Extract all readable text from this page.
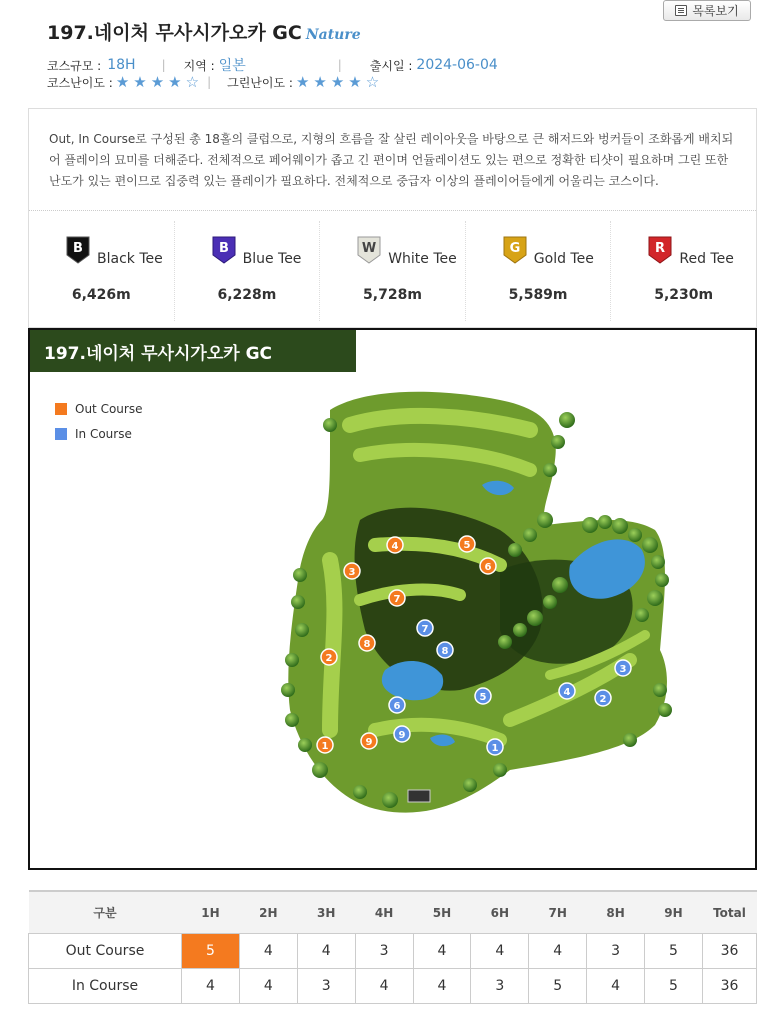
목록보기
197.네이처 무사시가오카 GC Nature
코스규모 : 18H | 지역 : 일본	| 출시일 : 2024-06-04
코스난이도 : ★★★★☆ | 그린난이도 : ★★★★☆

Out, In Course로 구성된 총 18홀의 클럽으로, 지형의 흐름을 잘 살린 레이아웃을 바탕으로 큰 해저드와 벙커들이 조화롭게 배치되어 플레이의 묘미를 더해준다. 전체적으로 페어웨이가 좁고 긴 편이며 언듈레이션도 있는 편으로 정확한 티샷이 필요하며 그린 또한 난도가 있는 편이므로 집중력 있는 플레이가 필요하다. 전체적으로 중급자 이상의 플레이어들에게 어울리는 코스이다.

B
Black Tee
6,426m
B
Blue Tee
6,228m
W
White Tee
5,728m
G
Gold Tee
5,589m
R
Red Tee
5,230m
1
2
3
4	5
6
7
8
9
1
2
3
4
5
6
7
8
9
197.네이처 무사시가오카 GC
Out Course
In Course
구분	1H	2H	3H	4H	5H	6H	7H	8H	9H	Total
Out Course	5	4	4	3	4	4	4	3	5	36
In Course	4	4	3	4	4	3	5	4	5	36
